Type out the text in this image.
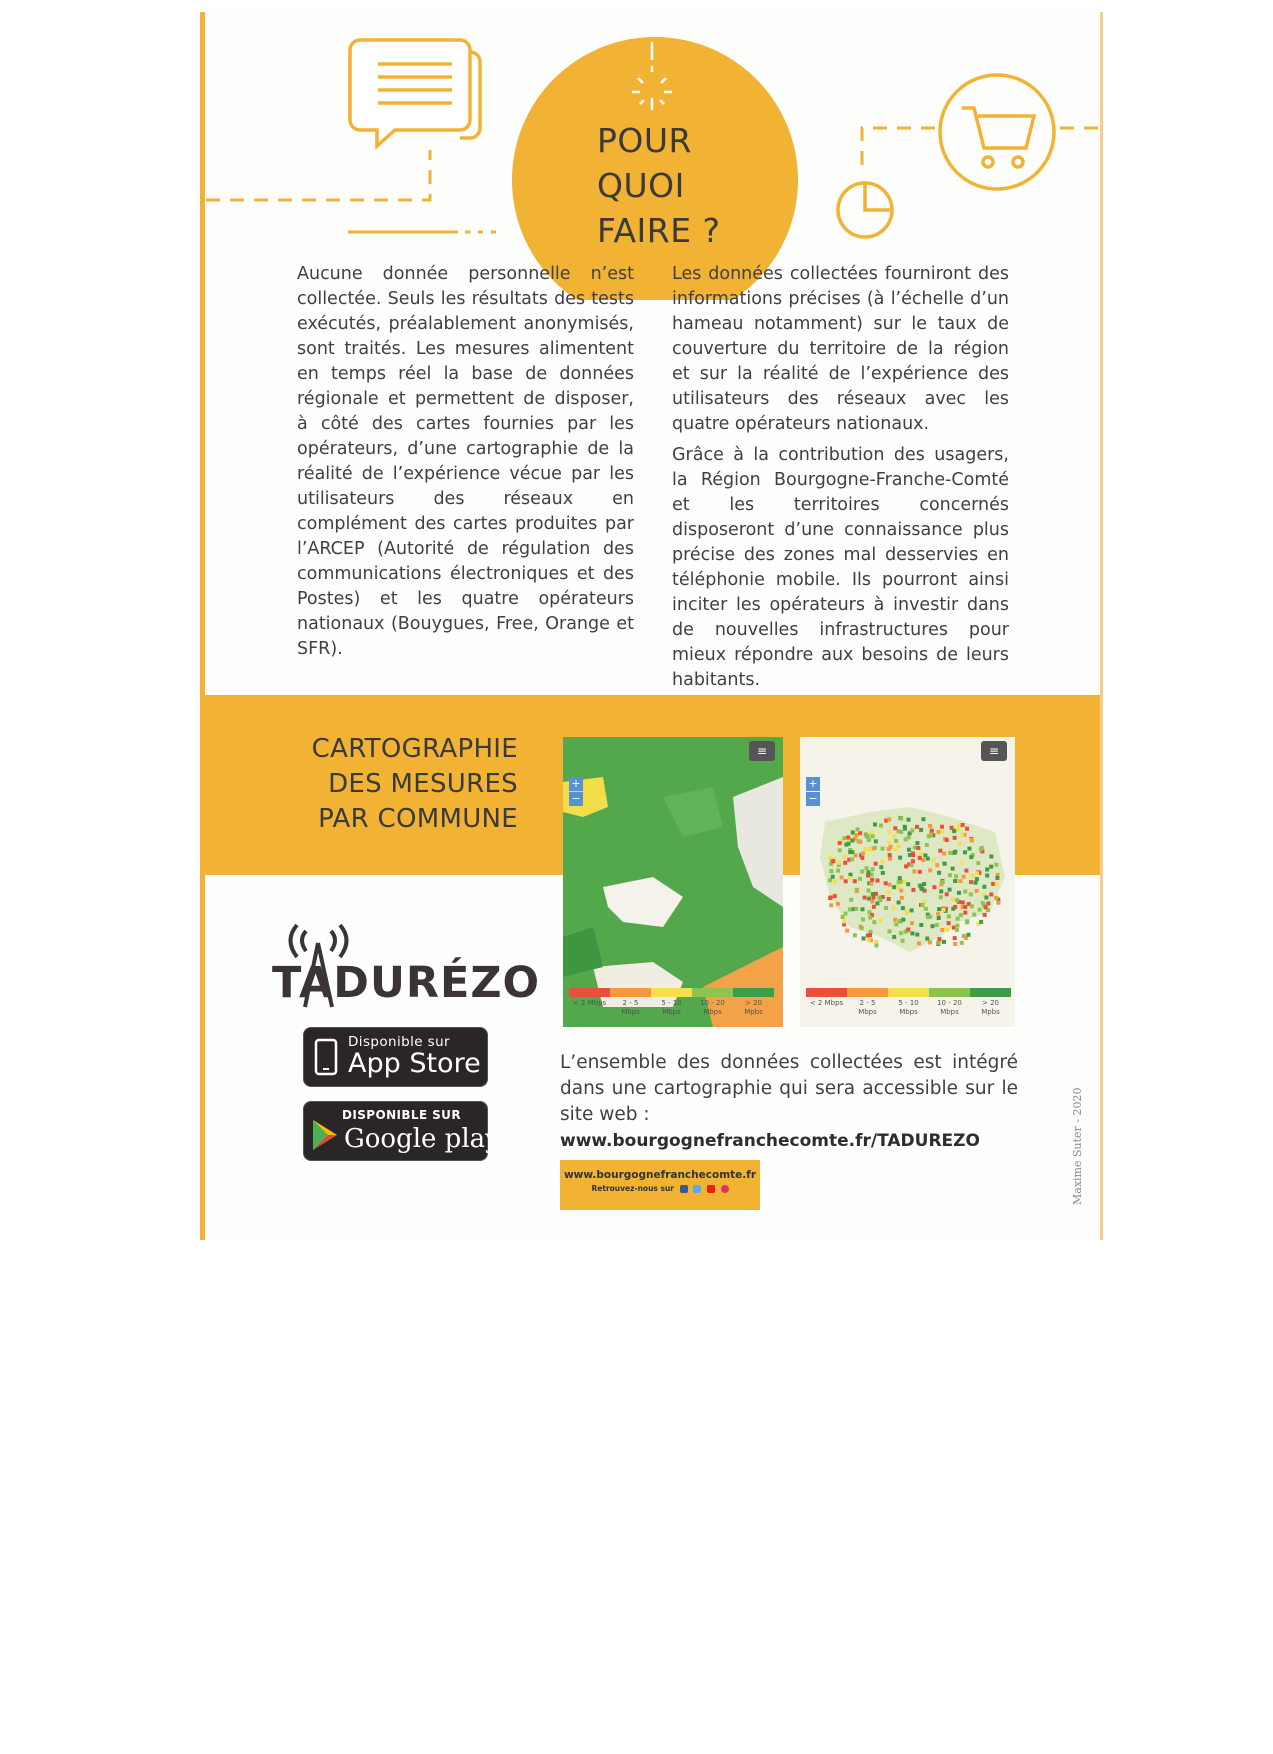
POUR
QUOI
FAIRE ?

Aucune donnée personnelle n’est collectée. Seuls les résultats des tests exécutés, préalablement anonymisés, sont traités. Les mesures alimentent en temps réel la base de données régionale et permettent de disposer, à côté des cartes fournies par les opérateurs, d’une cartographie de la réalité de l’expérience vécue par les utilisateurs des réseaux en complément des cartes produites par l’ARCEP (Autorité de régulation des communications électroniques et des Postes) et les quatre opérateurs nationaux (Bouygues, Free, Orange et SFR).

Les données collectées fourniront des informations précises (à l’échelle d’un hameau notamment) sur le taux de couverture du territoire de la région et sur la réalité de l’expérience des utilisateurs des réseaux avec les quatre opérateurs nationaux.

Grâce à la contribution des usagers, la Région Bourgogne-Franche-Comté et les territoires concernés disposeront d’une connaissance plus précise des zones mal desservies en téléphonie mobile. Ils pourront ainsi inciter les opérateurs à investir dans de nouvelles infrastructures pour mieux répondre aux besoins de leurs habitants.

CARTOGRAPHIE
DES MESURES
PAR COMMUNE
≡
+
−
< 2 Mbps	2 - 5
Mbps
5 - 10
Mbps
10 - 20
Mbps
> 20
Mpbs
≡
+
−
< 2 Mbps	2 - 5
Mbps
5 - 10
Mbps
10 - 20
Mbps
> 20
Mpbs
TADURÉZO
Disponible sur
App Store
DISPONIBLE SUR
Google play
L’ensemble des données collectées est intégré dans une cartographie qui sera accessible sur le site web :
www.bourgognefranchecomte.fr/TADUREZO
www.bourgognefranchecomte.fr
Retrouvez-nous sur	Maxime Suter - 2020
